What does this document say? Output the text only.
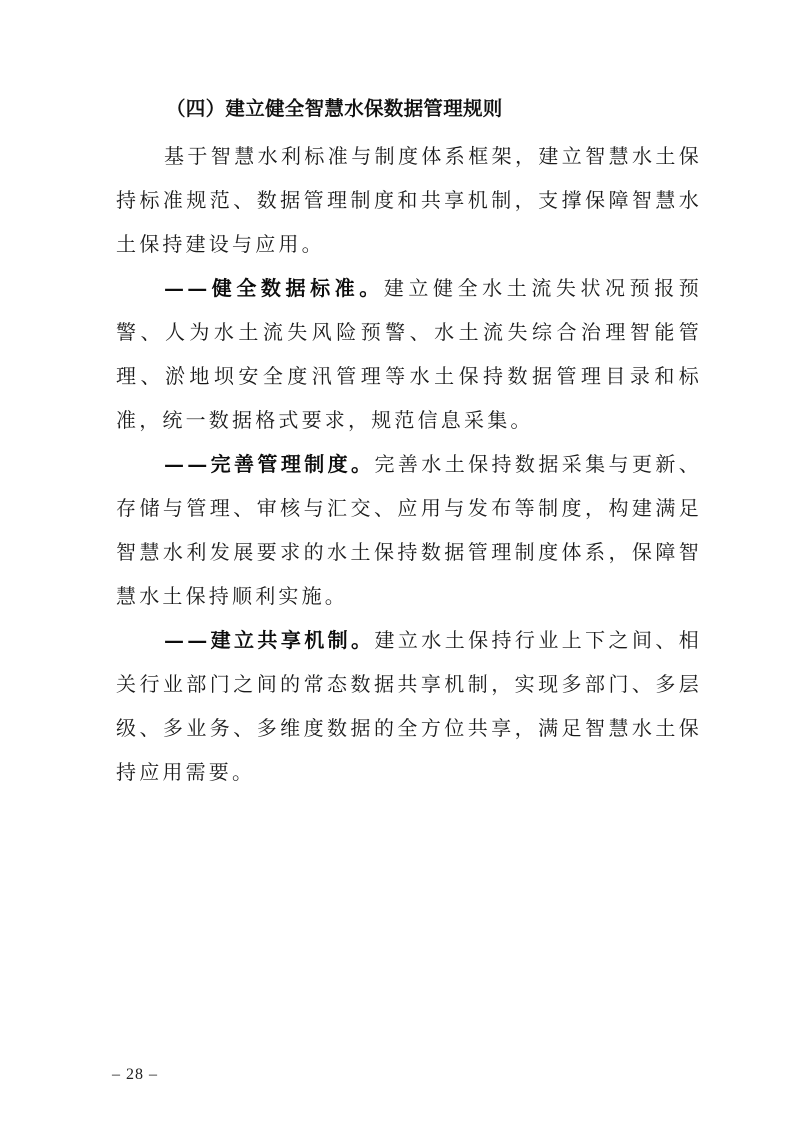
（四）建立健全智慧水保数据管理规则

基于智慧水利标准与制度体系框架，建立智慧水土保持标准规范、数据管理制度和共享机制，支撑保障智慧水土保持建设与应用。

——健全数据标准。建立健全水土流失状况预报预警、人为水土流失风险预警、水土流失综合治理智能管理、淤地坝安全度汛管理等水土保持数据管理目录和标准，统一数据格式要求，规范信息采集。

——完善管理制度。完善水土保持数据采集与更新、存储与管理、审核与汇交、应用与发布等制度，构建满足智慧水利发展要求的水土保持数据管理制度体系，保障智慧水土保持顺利实施。

——建立共享机制。建立水土保持行业上下之间、相关行业部门之间的常态数据共享机制，实现多部门、多层级、多业务、多维度数据的全方位共享，满足智慧水土保持应用需要。

– 28 –
